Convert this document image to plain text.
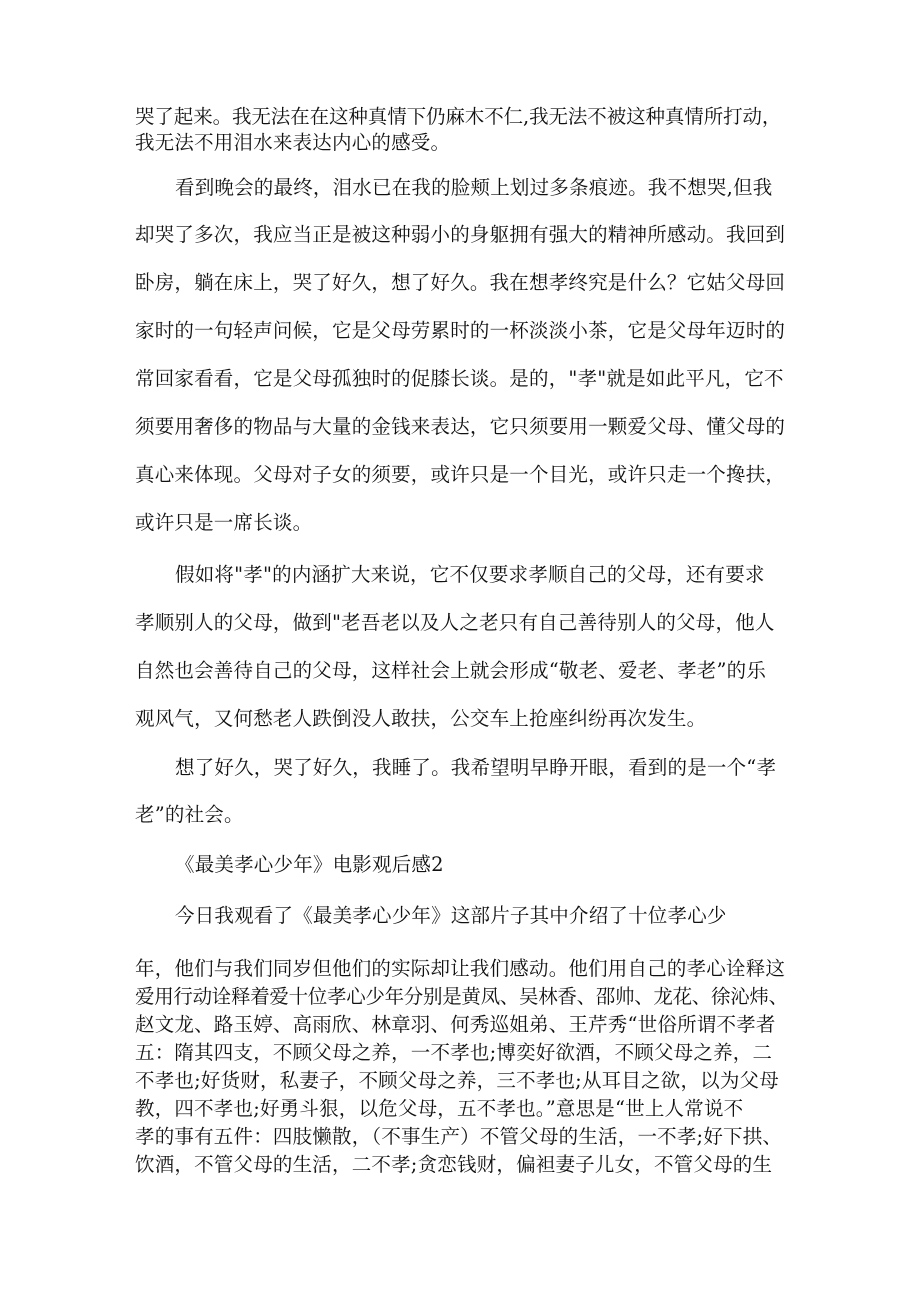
哭了起来。我无法在在这种真情下仍麻木不仁,我无法不被这种真情所打动，
我无法不用泪水来表达内心的感受。
看到晚会的最终，泪水已在我的脸颊上划过多条痕迹。我不想哭,但我
却哭了多次，我应当正是被这种弱小的身躯拥有强大的精神所感动。我回到
卧房，躺在床上，哭了好久，想了好久。我在想孝终究是什么？它姑父母回
家时的一句轻声问候，它是父母劳累时的一杯淡淡小茶，它是父母年迈时的
常回家看看，它是父母孤独时的促膝长谈。是的，"孝"就是如此平凡，它不
须要用奢侈的物品与大量的金钱来表达，它只须要用一颗爱父母、懂父母的
真心来体现。父母对子女的须要，或许只是一个目光，或许只走一个搀扶，
或许只是一席长谈。
假如将"孝"的内涵扩大来说，它不仅要求孝顺自己的父母，还有要求
孝顺别人的父母，做到"老吾老以及人之老只有自己善待别人的父母，他人
自然也会善待自己的父母，这样社会上就会形成“敬老、爱老、孝老”的乐
观风气，又何愁老人跌倒没人敢扶，公交车上抢座纠纷再次发生。
想了好久，哭了好久，我睡了。我希望明早睁开眼，看到的是一个“孝
老”的社会。
《最美孝心少年》电影观后感2
今日我观看了《最美孝心少年》这部片子其中介绍了十位孝心少
年，他们与我们同岁但他们的实际却让我们感动。他们用自己的孝心诠释这
爱用行动诠释着爱十位孝心少年分别是黄凤、吴林香、邵帅、龙花、徐沁炜、
赵文龙、路玉婷、高雨欣、林章羽、何秀巡姐弟、王芹秀“世俗所谓不孝者
五：隋其四支，不顾父母之养，一不孝也;博奕好欲酒，不顾父母之养，二
不孝也;好货财，私妻子，不顾父母之养，三不孝也;从耳目之欲，以为父母
教，四不孝也;好勇斗狠，以危父母，五不孝也。”意思是“世上人常说不
孝的事有五件：四肢懒散，（不事生产）不管父母的生活，一不孝;好下拱、
饮酒，不管父母的生活，二不孝;贪恋钱财，偏袒妻子儿女，不管父母的生
